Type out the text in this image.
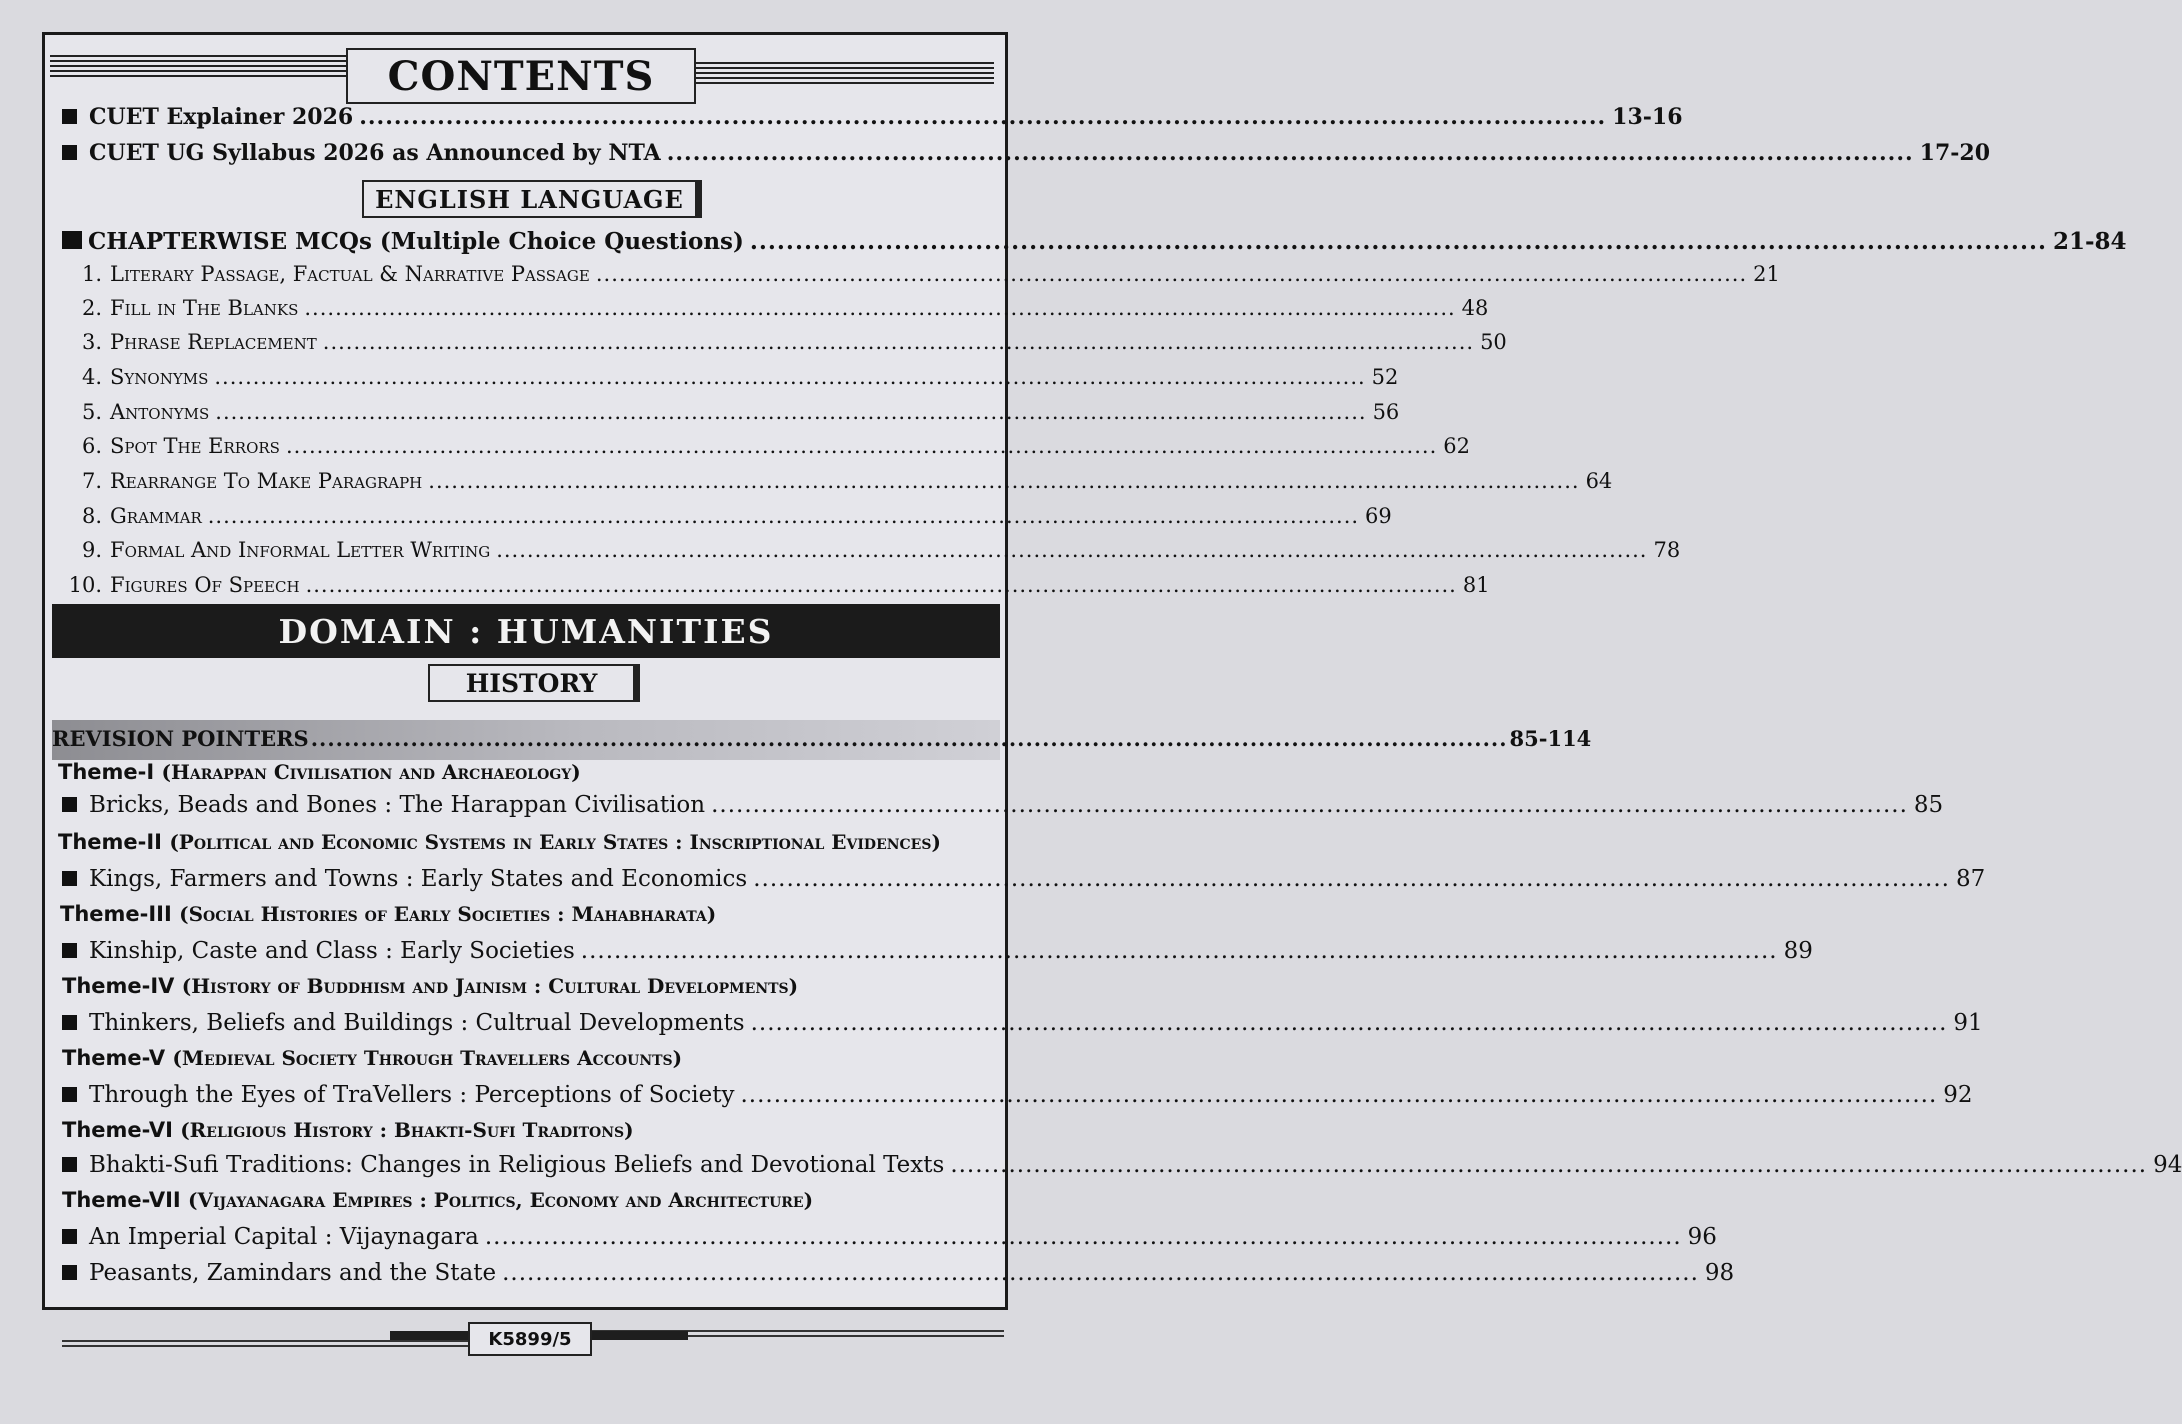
CONTENTS
CUET Explainer 2026 ................................................................................................................................................ 13-16
CUET UG Syllabus 2026 as Announced by NTA ................................................................................................................................................ 17-20
ENGLISH LANGUAGE
CHAPTERWISE MCQs (Multiple Choice Questions) ................................................................................................................................................ 21-84
1. Literary Passage, Factual & Narrative Passage ...................................................................................................................................................... 21
2. Fill in The Blanks ...................................................................................................................................................... 48
3. Phrase Replacement ...................................................................................................................................................... 50
4. Synonyms ...................................................................................................................................................... 52
5. Antonyms ...................................................................................................................................................... 56
6. Spot The Errors ...................................................................................................................................................... 62
7. Rearrange To Make Paragraph ...................................................................................................................................................... 64
8. Grammar ...................................................................................................................................................... 69
9. Formal And Informal Letter Writing ...................................................................................................................................................... 78
10. Figures Of Speech ...................................................................................................................................................... 81
DOMAIN : HUMANITIES
HISTORY
REVISION POINTERS ................................................................................................................................................ 85-114
Theme-I (Harappan Civilisation and Archaeology)
Bricks, Beads and Bones : The Harappan Civilisation ................................................................................................................................................ 85
Theme-II (Political and Economic Systems in Early States : Inscriptional Evidences)
Kings, Farmers and Towns : Early States and Economics ................................................................................................................................................ 87
Theme-III (Social Histories of Early Societies : Mahabharata)
Kinship, Caste and Class : Early Societies ................................................................................................................................................ 89
Theme-IV (History of Buddhism and Jainism : Cultural Developments)
Thinkers, Beliefs and Buildings : Cultrual Developments ................................................................................................................................................ 91
Theme-V (Medieval Society Through Travellers Accounts)
Through the Eyes of TraVellers : Perceptions of Society ................................................................................................................................................ 92
Theme-VI (Religious History : Bhakti-Sufi Traditons)
Bhakti-Sufi Traditions: Changes in Religious Beliefs and Devotional Texts ................................................................................................................................................ 94
Theme-VII (Vijayanagara Empires : Politics, Economy and Architecture)
An Imperial Capital : Vijaynagara ................................................................................................................................................ 96
Peasants, Zamindars and the State ................................................................................................................................................ 98
K5899/5
